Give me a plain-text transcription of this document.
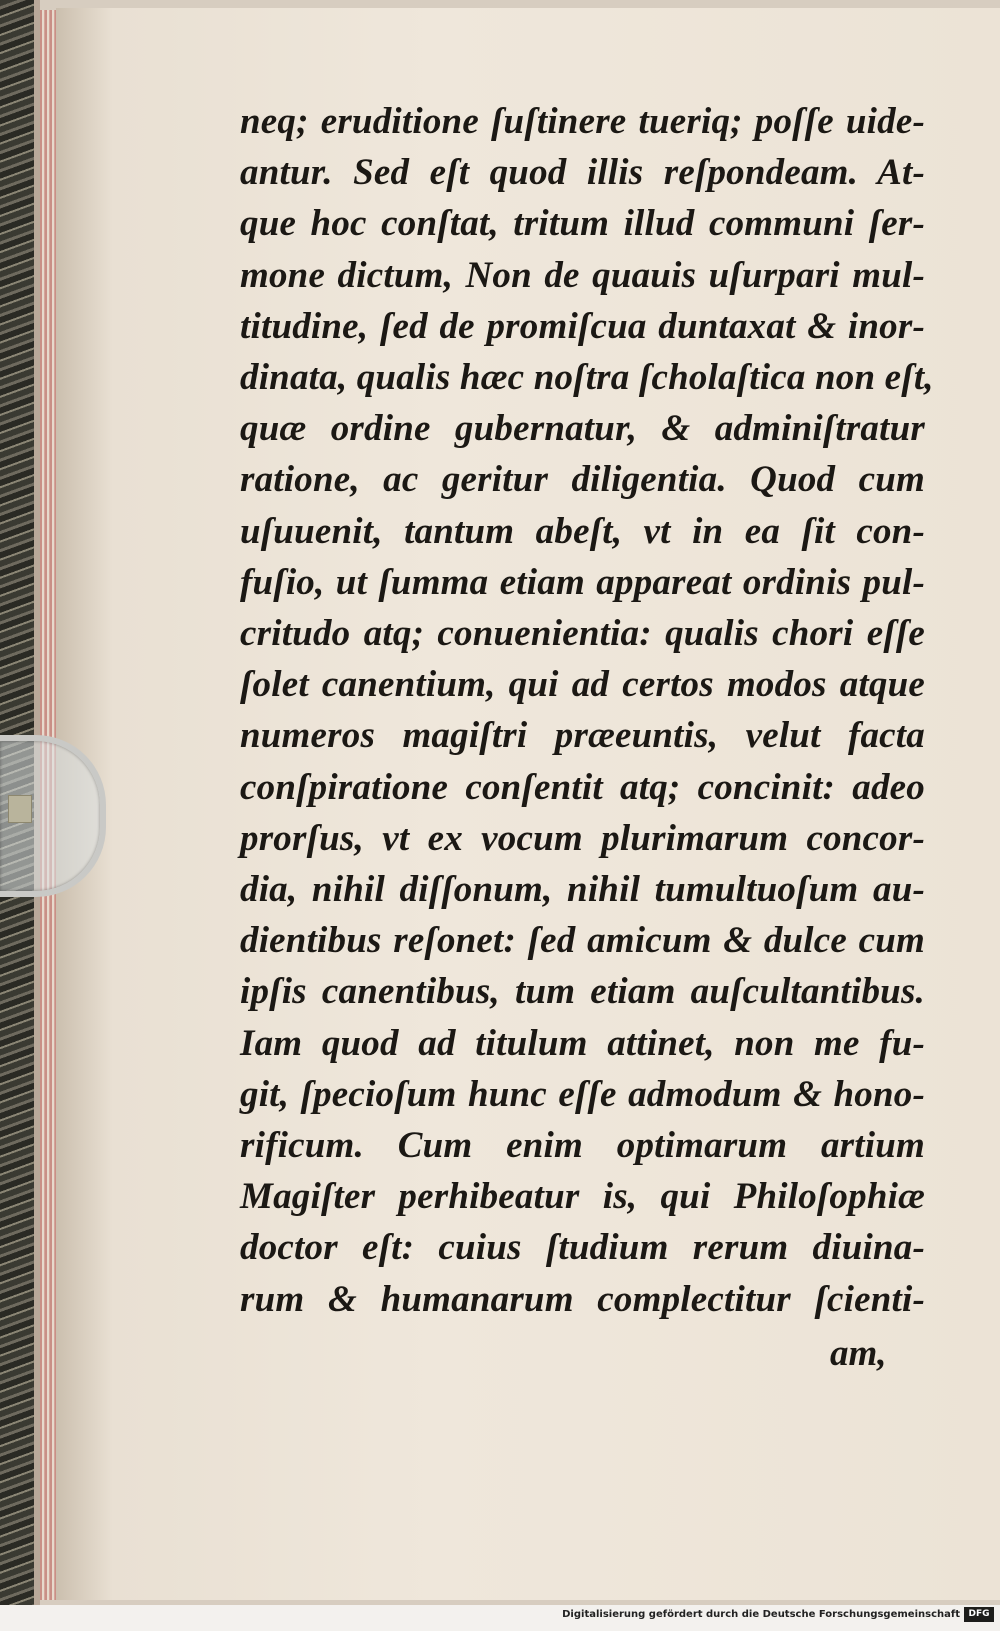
neq; eruditione ſuſtinere tueriq; poſſe uide-
antur. Sed eſt quod illis reſpondeam. At-
que hoc conſtat, tritum illud communi ſer-
mone dictum, Non de quauis uſurpari mul-
titudine, ſed de promiſcua duntaxat & inor-
dinata, qualis hæc noſtra ſcholaſtica non eſt,
quæ ordine gubernatur, & adminiſtratur
ratione, ac geritur diligentia. Quod cum
uſuuenit, tantum abeſt, vt in ea ſit con-
fuſio, ut ſumma etiam appareat ordinis pul-
critudo atq; conuenientia: qualis chori eſſe
ſolet canentium, qui ad certos modos atque
numeros magiſtri præeuntis, velut facta
conſpiratione conſentit atq; concinit: adeo
prorſus, vt ex vocum plurimarum concor-
dia, nihil diſſonum, nihil tumultuoſum au-
dientibus reſonet: ſed amicum & dulce cum
ipſis canentibus, tum etiam auſcultantibus.
Iam quod ad titulum attinet, non me fu-
git, ſpecioſum hunc eſſe admodum & hono-
rificum. Cum enim optimarum artium
Magiſter perhibeatur is, qui Philoſophiæ
doctor eſt: cuius ſtudium rerum diuina-
rum & humanarum complectitur ſcienti-
am,
Digitalisierung gefördert durch die Deutsche Forschungsgemeinschaft DFG
